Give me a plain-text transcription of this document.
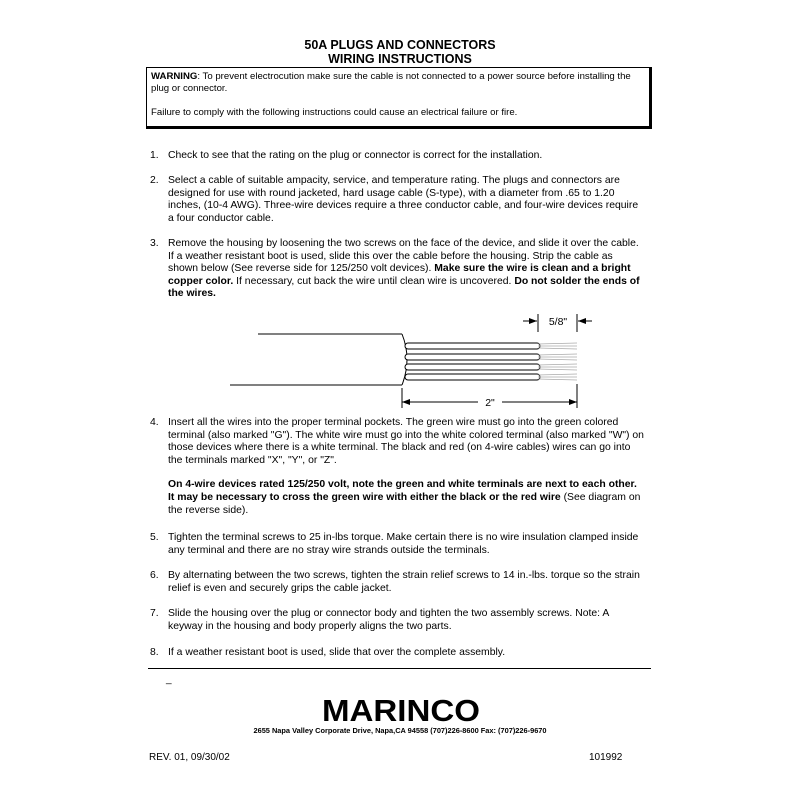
50A PLUGS AND CONNECTORS
WIRING INSTRUCTIONS

WARNING: To prevent electrocution make sure the cable is not connected to a power source before installing the plug or connector.

Failure to comply with the following instructions could cause an electrical failure or fire.

1. Check to see that the rating on the plug or connector is correct for the installation.

2. Select a cable of suitable ampacity, service, and temperature rating. The plugs and connectors are designed for use with round jacketed, hard usage cable (S-type), with a diameter from .65 to 1.20 inches, (10-4 AWG). Three-wire devices require a three conductor cable, and four-wire devices require a four conductor cable.

3. Remove the housing by loosening the two screws on the face of the device, and slide it over the cable. If a weather resistant boot is used, slide this over the cable before the housing. Strip the cable as shown below (See reverse side for 125/250 volt devices). Make sure the wire is clean and a bright copper color. If necessary, cut back the wire until clean wire is uncovered. Do not solder the ends of the wires.

5/8"
2"
4. Insert all the wires into the proper terminal pockets. The green wire must go into the green colored terminal (also marked "G"). The white wire must go into the white colored terminal (also marked "W") on those devices where there is a white terminal. The black and red (on 4-wire cables) wires can go into the terminals marked "X", "Y", or "Z".

On 4-wire devices rated 125/250 volt, note the green and white terminals are next to each other. It may be necessary to cross the green wire with either the black or the red wire (See diagram on the reverse side).

5. Tighten the terminal screws to 25 in-lbs torque. Make certain there is no wire insulation clamped inside any terminal and there are no stray wire strands outside the terminals.

6. By alternating between the two screws, tighten the strain relief screws to 14 in.-lbs. torque so the strain relief is even and securely grips the cable jacket.

7. Slide the housing over the plug or connector body and tighten the two assembly screws. Note: A keyway in the housing and body properly aligns the two parts.

8. If a weather resistant boot is used, slide that over the complete assembly.

_
MARINCO
2655 Napa Valley Corporate Drive, Napa,CA 94558 (707)226-8600 Fax: (707)226-9670
REV. 01, 09/30/02	101992
